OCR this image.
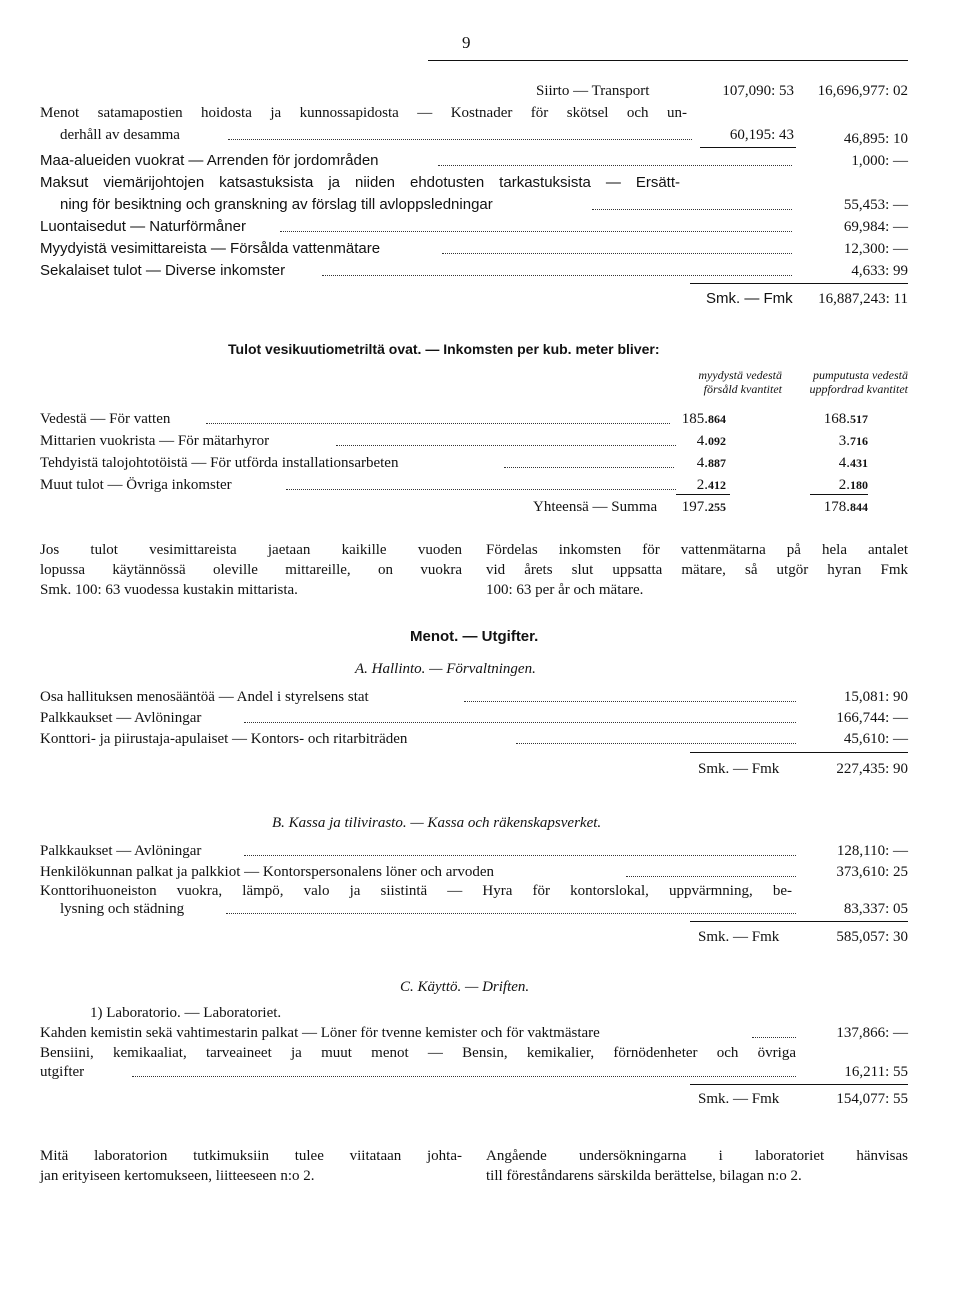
9
Siirto — Transport	107,090: 53	16,696,977: 02
Menot satamapostien hoidosta ja kunnossapidosta — Kostnader för skötsel och un-
derhåll av desamma	60,195: 43	46,895: 10
Maa-alueiden vuokrat — Arrenden för jordområden	1,000: —
Maksut viemärijohtojen katsastuksista ja niiden ehdotusten tarkastuksista — Ersätt-
ning för besiktning och granskning av förslag till avloppsledningar	55,453: —
Luontaisedut — Naturförmåner	69,984: —
Myydyistä vesimittareista — Försålda vattenmätare	12,300: —
Sekalaiset tulot — Diverse inkomster	4,633: 99
Smk. — Fmk	16,887,243: 11
Tulot vesikuutiometriltä ovat. — Inkomsten per kub. meter bliver:
myydystä vedestä
försåld kvantitet
pumputusta vedestä
uppfordrad kvantitet
Vedestä — För vatten	185.864	168.517
Mittarien vuokrista — För mätarhyror	4.092	3.716
Tehdyistä talojohtotöistä — För utförda installationsarbeten	4.887	4.431
Muut tulot — Övriga inkomster	2.412	2.180
Yhteensä — Summa	197.255	178.844
Jos tulot vesimittareista jaetaan kaikille vuoden
lopussa käytännössä oleville mittareille, on vuokra
Smk. 100: 63 vuodessa kustakin mittarista.
Fördelas inkomsten för vattenmätarna på hela antalet
vid årets slut uppsatta mätare, så utgör hyran Fmk
100: 63 per år och mätare.
Menot. — Utgifter.
A. Hallinto. — Förvaltningen.
Osa hallituksen menosääntöä — Andel i styrelsens stat	15,081: 90
Palkkaukset — Avlöningar	166,744: —
Konttori- ja piirustaja-apulaiset — Kontors- och ritarbiträden	45,610: —
Smk. — Fmk	227,435: 90
B. Kassa ja tilivirasto. — Kassa och räkenskapsverket.
Palkkaukset — Avlöningar	128,110: —
Henkilökunnan palkat ja palkkiot — Kontorspersonalens löner och arvoden	373,610: 25
Konttorihuoneiston vuokra, lämpö, valo ja siistintä — Hyra för kontorslokal, uppvärmning, be-
lysning och städning	83,337: 05
Smk. — Fmk	585,057: 30
C. Käyttö. — Driften.
1) Laboratorio. — Laboratoriet.
Kahden kemistin sekä vahtimestarin palkat — Löner för tvenne kemister och för vaktmästare	137,866: —
Bensiini, kemikaaliat, tarveaineet ja muut menot — Bensin, kemikalier, förnödenheter och övriga
utgifter	16,211: 55
Smk. — Fmk	154,077: 55
Mitä laboratorion tutkimuksiin tulee viitataan johta-
jan erityiseen kertomukseen, liitteeseen n:o 2.
Angående undersökningarna i laboratoriet hänvisas
till föreståndarens särskilda berättelse, bilagan n:o 2.
